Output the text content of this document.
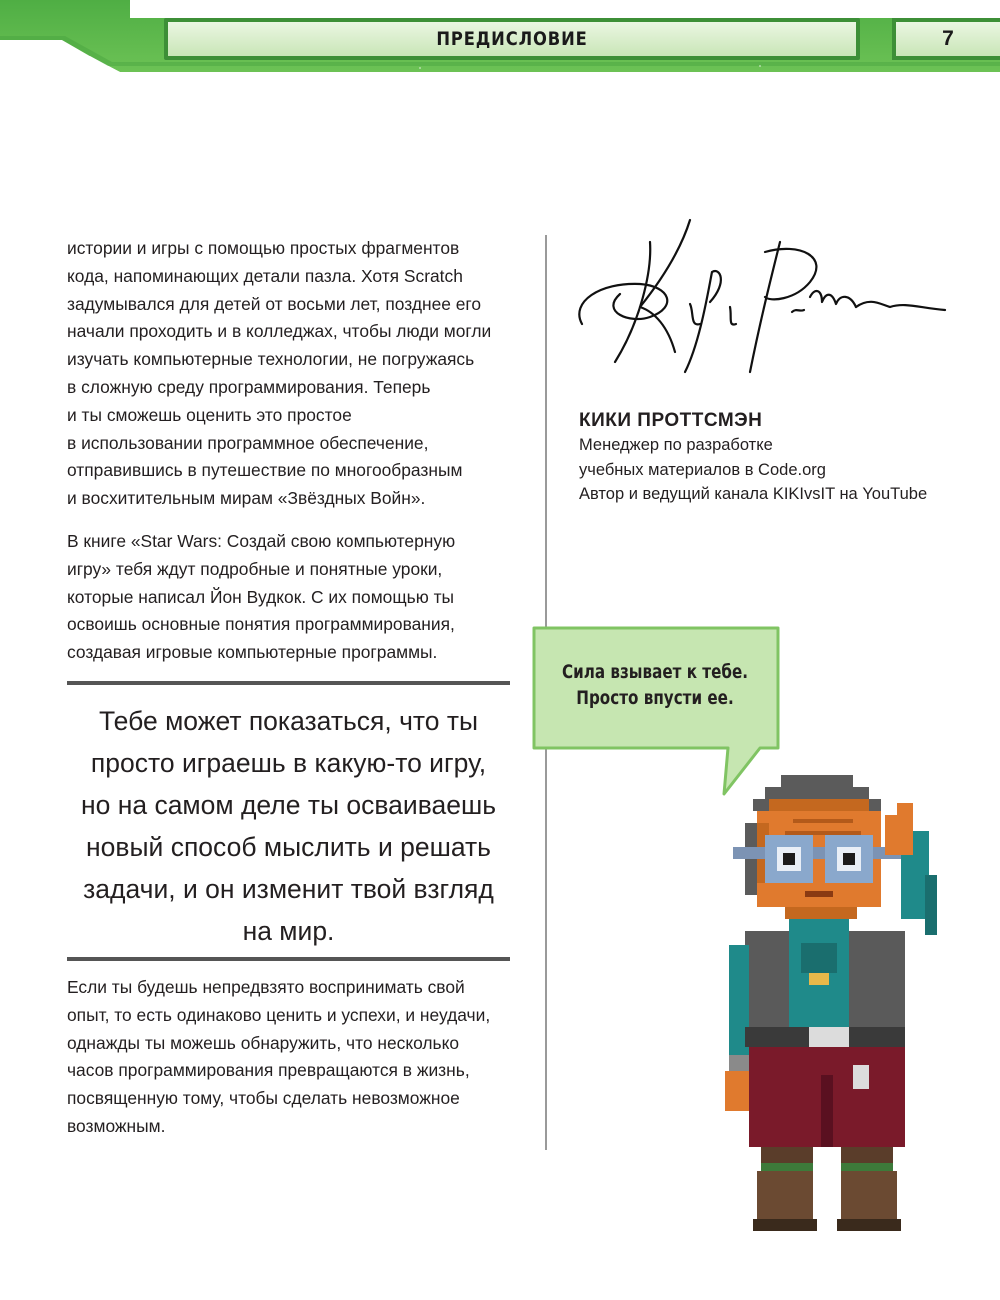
ПРЕДИСЛОВИЕ	7

истории и игры с помощью простых фрагментов

кода, напоминающих детали пазла. Хотя Scratch

задумывался для детей от восьми лет, позднее его

начали проходить и в колледжах, чтобы люди могли

изучать компьютерные технологии, не погружаясь

в сложную среду программирования. Теперь

и ты сможешь оценить это простое

в использовании программное обеспечение,

отправившись в путешествие по многообразным

и восхитительным мирам «Звёздных Войн».

В книге «Star Wars: Создай свою компьютерную

игру» тебя ждут подробные и понятные уроки,

которые написал Йон Вудкок. С их помощью ты

освоишь основные понятия программирования,

создавая игровые компьютерные программы.

Тебе может показаться, что ты
просто играешь в какую-то игру,
но на самом деле ты осваиваешь
новый способ мыслить и решать
задачи, и он изменит твой взгляд
на мир.

Если ты будешь непредвзято воспринимать свой

опыт, то есть одинаково ценить и успехи, и неудачи,

однажды ты можешь обнаружить, что несколько

часов программирования превращаются в жизнь,

посвященную тому, чтобы сделать невозможное

возможным.

КИКИ ПРОТТСМЭН
Менеджер по разработке
учебных материалов в Code.org
Автор и ведущий канала KIKIvsIT на YouTube
Сила взывает к тебе.
Просто впусти ее.
